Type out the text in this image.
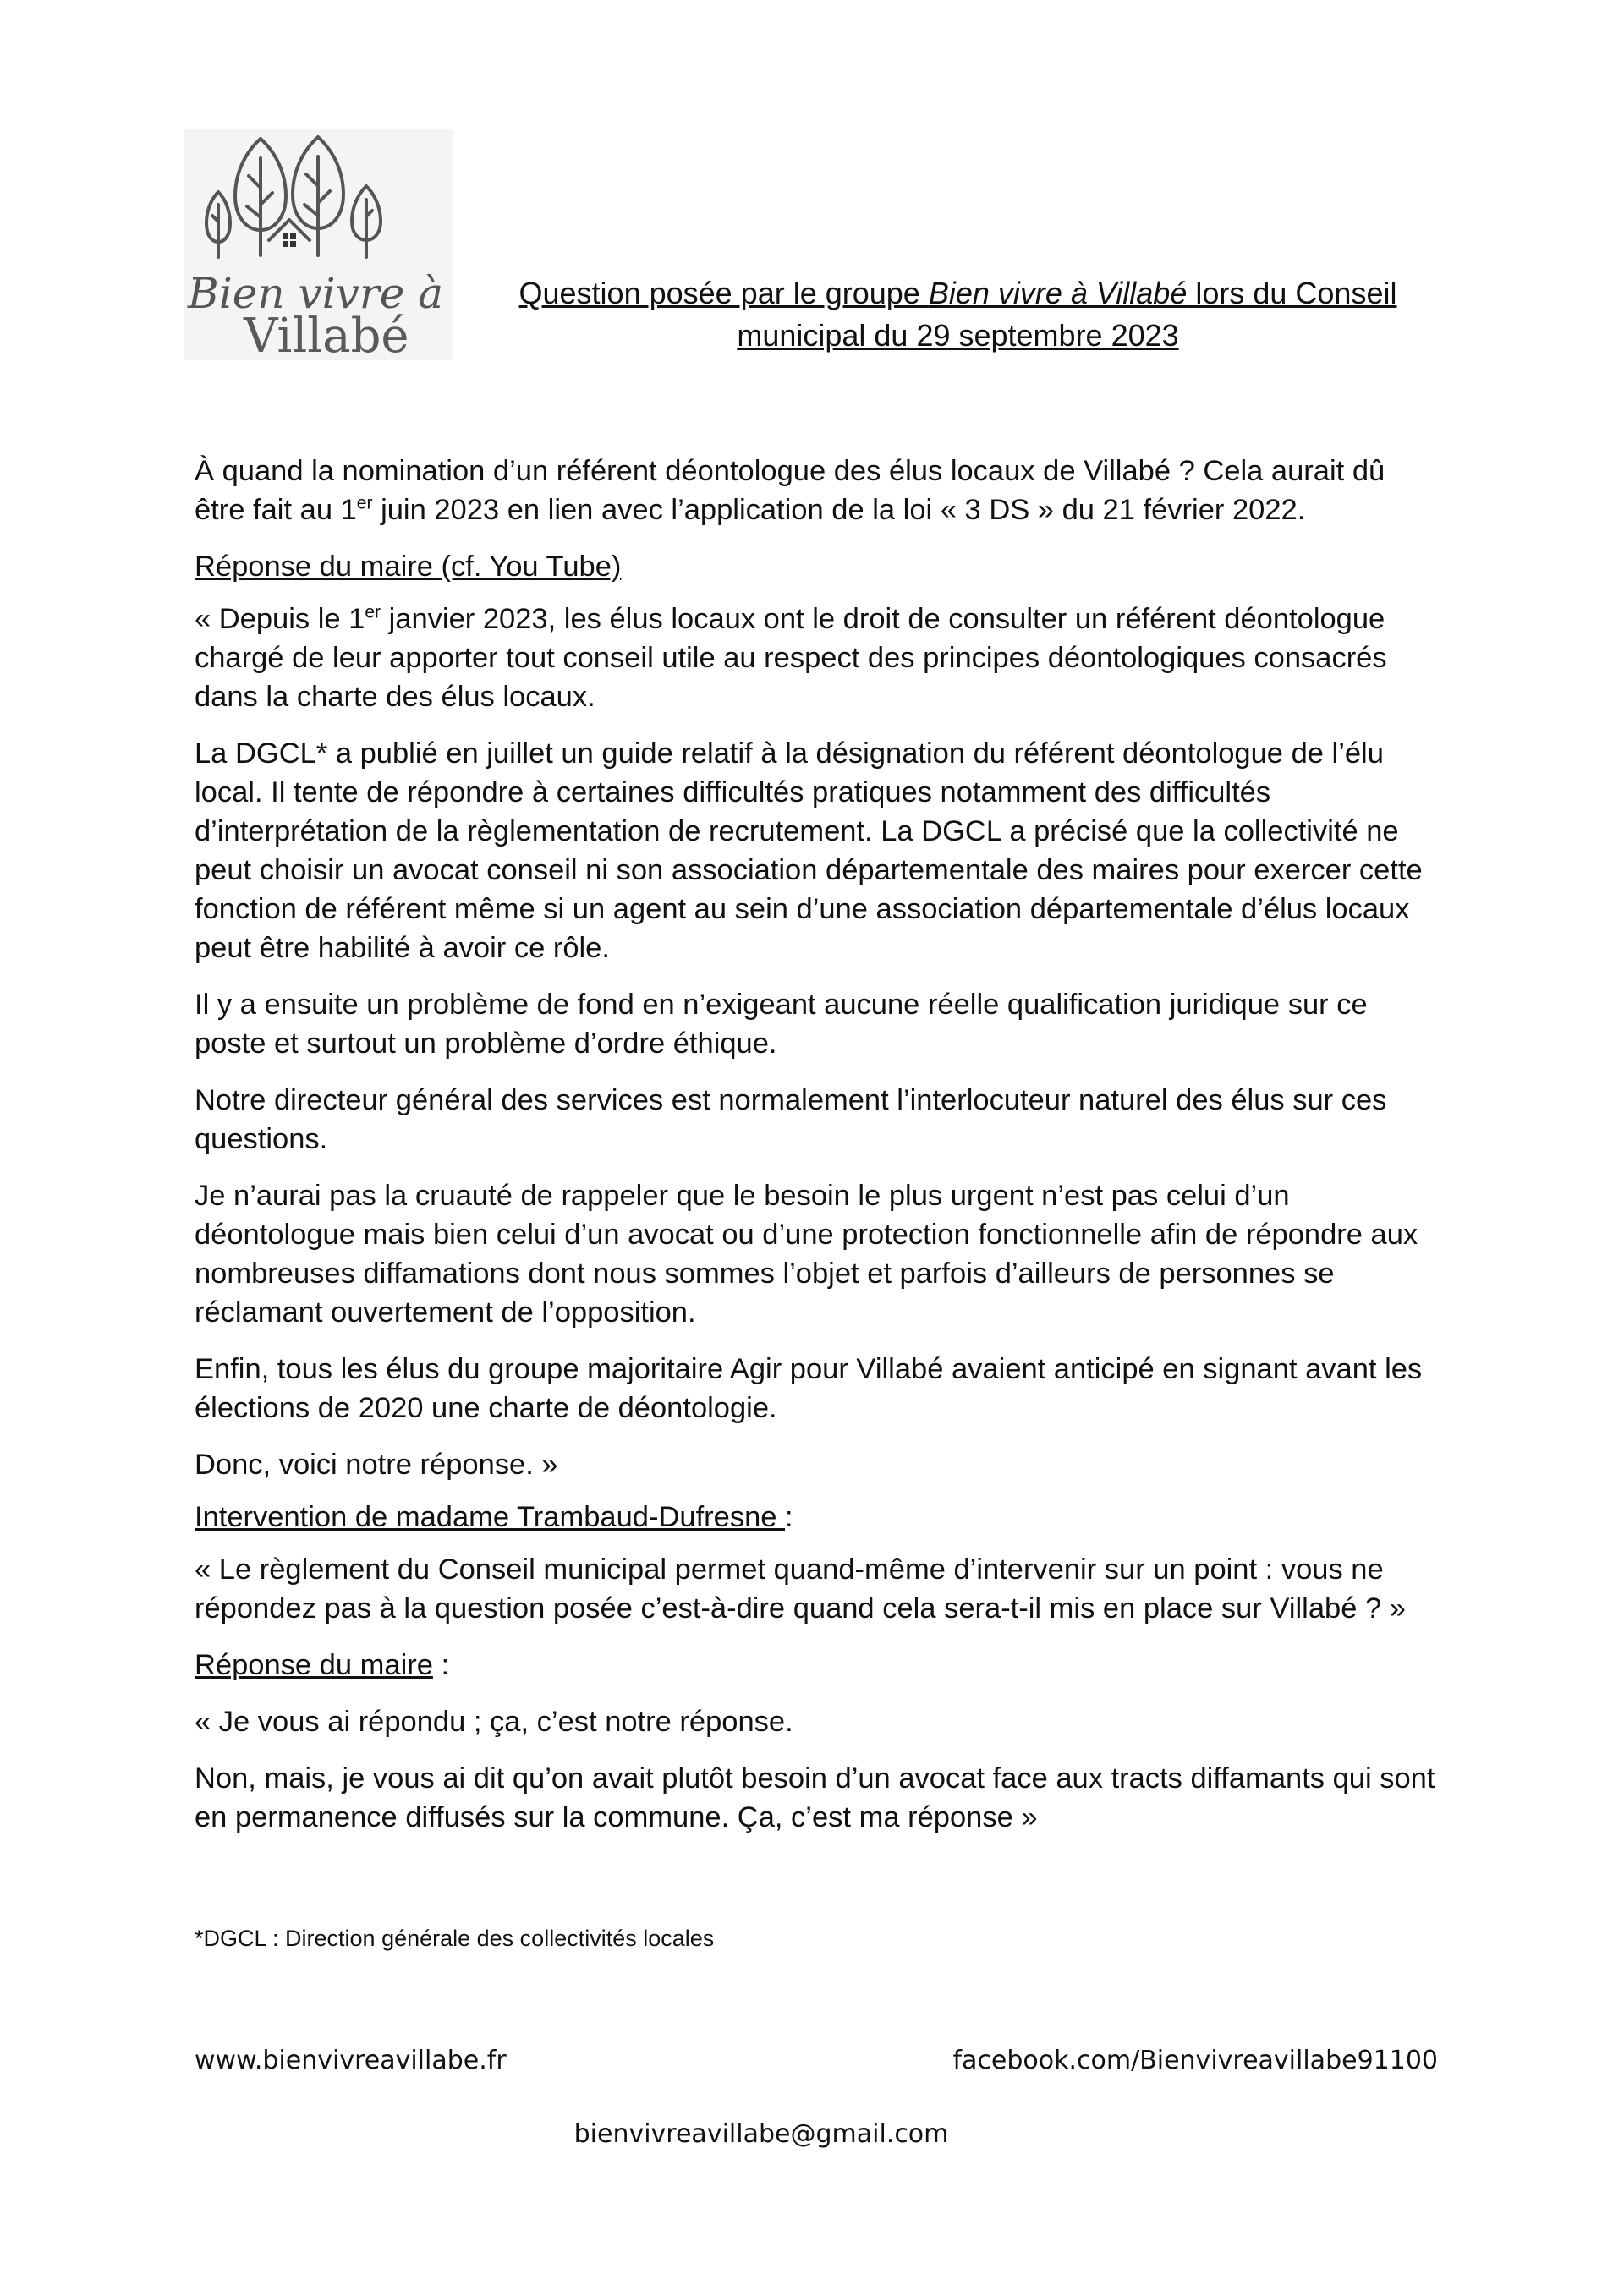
Bien vivre à
Villabé
Question posée par le groupe Bien vivre à Villabé lors du Conseil
municipal du 29 septembre 2023

À quand la nomination d’un référent déontologue des élus locaux de Villabé ? Cela aurait dû être fait au 1er juin 2023 en lien avec l’application de la loi « 3 DS » du 21 février 2022.

Réponse du maire (cf. You Tube)

« Depuis le 1er janvier 2023, les élus locaux ont le droit de consulter un référent déontologue chargé de leur apporter tout conseil utile au respect des principes déontologiques consacrés dans la charte des élus locaux.

La DGCL* a publié en juillet un guide relatif à la désignation du référent déontologue de l’élu local. Il tente de répondre à certaines difficultés pratiques notamment des difficultés d’interprétation de la règlementation de recrutement. La DGCL a précisé que la collectivité ne peut choisir un avocat conseil ni son association départementale des maires pour exercer cette fonction de référent même si un agent au sein d’une association départementale d’élus locaux peut être habilité à avoir ce rôle.

Il y a ensuite un problème de fond en n’exigeant aucune réelle qualification juridique sur ce poste et surtout un problème d’ordre éthique.

Notre directeur général des services est normalement l’interlocuteur naturel des élus sur ces questions.

Je n’aurai pas la cruauté de rappeler que le besoin le plus urgent n’est pas celui d’un déontologue mais bien celui d’un avocat ou d’une protection fonctionnelle afin de répondre aux nombreuses diffamations dont nous sommes l’objet et parfois d’ailleurs de personnes se réclamant ouvertement de l’opposition.

Enfin, tous les élus du groupe majoritaire Agir pour Villabé avaient anticipé en signant avant les élections de 2020 une charte de déontologie.

Donc, voici notre réponse. »

Intervention de madame Trambaud-Dufresne :

« Le règlement du Conseil municipal permet quand-même d’intervenir sur un point : vous ne répondez pas à la question posée c’est-à-dire quand cela sera-t-il mis en place sur Villabé ? »

Réponse du maire :

« Je vous ai répondu ; ça, c’est notre réponse.

Non, mais, je vous ai dit qu’on avait plutôt besoin d’un avocat face aux tracts diffamants qui sont en permanence diffusés sur la commune. Ça, c’est ma réponse »

*DGCL : Direction générale des collectivités locales
www.bienvivreavillabe.fr	facebook.com/Bienvivreavillabe91100
bienvivreavillabe@gmail.com
